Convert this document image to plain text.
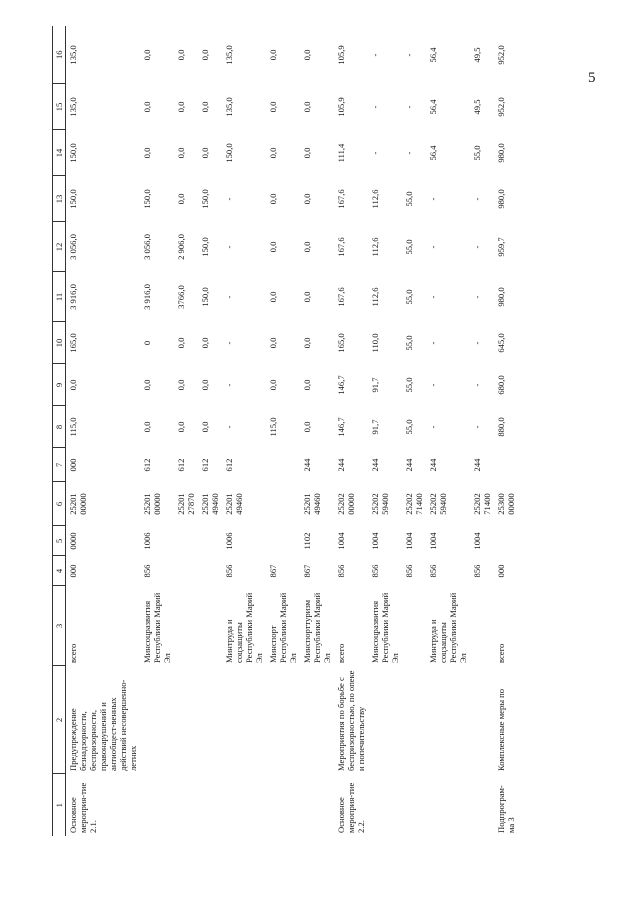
5
1	2	3	4	5	6	7	8	9	10	11	12	13	14	15	16
Основное мероприя-тие 2.1.	Предупреждение безнадзорности, беспризорности, правонарушений и антиобщест-венных действий несовершенно-летних	всего	000	0000	25201 00000	000	115,0	0,0	165,0	3 916,0	3 056,0	150,0	150,0	135,0	135,0
		Минсоцразвития Республики Марий Эл	856	1006	25201 00000	612	0,0	0,0	0	3 916,0	3 056,0	150,0	0,0	0,0	0,0
					25201 27870	612	0,0	0,0	0,0	3766,0	2 906,0	0,0	0,0	0,0	0,0
					25201 49460	612	0,0	0,0	0,0	150,0	150,0	150,0	0,0	0,0	0,0
		Минтруда и соцзащиты Республики Марий Эл	856	1006	25201 49460	612	-	-	-	-	-	-	150,0	135,0	135,0
		Минспорт Республики Марий Эл	867				115,0	0,0	0,0	0,0	0,0	0,0	0,0	0,0	0,0
		Минспорттуризм Республики Марий Эл	867	1102	25201 49460	244	0,0	0,0	0,0	0,0	0,0	0,0	0,0	0,0	0,0
Основное мероприя-тие 2.2.	Мероприятия по борьбе с беспризорностью, по опеке и попечительству	всего	856	1004	25202 00000	244	146,7	146,7	165,0	167,6	167,6	167,6	111,4	105,9	105,9
		Минсоцразвития Республики Марий Эл	856	1004	25202 59400	244	91,7	91,7	110,0	112,6	112,6	112,6	-	-	-
			856	1004	25202 71400	244	55,0	55,0	55,0	55,0	55,0	55,0	-	-	-
		Минтруда и соцзащиты Республики Марий Эл	856	1004	25202 59400	244	-	-	-	-	-	-	56,4	56,4	56,4
			856	1004	25202 71400	244	-	-	-	-	-	-	55,0	49,5	49,5
Подпрограм-ма 3	Комплексные меры по	всего	000		25300 00000		880,0	680,0	645,0	980,0	959,7	980,0	980,0	952,0	952,0
